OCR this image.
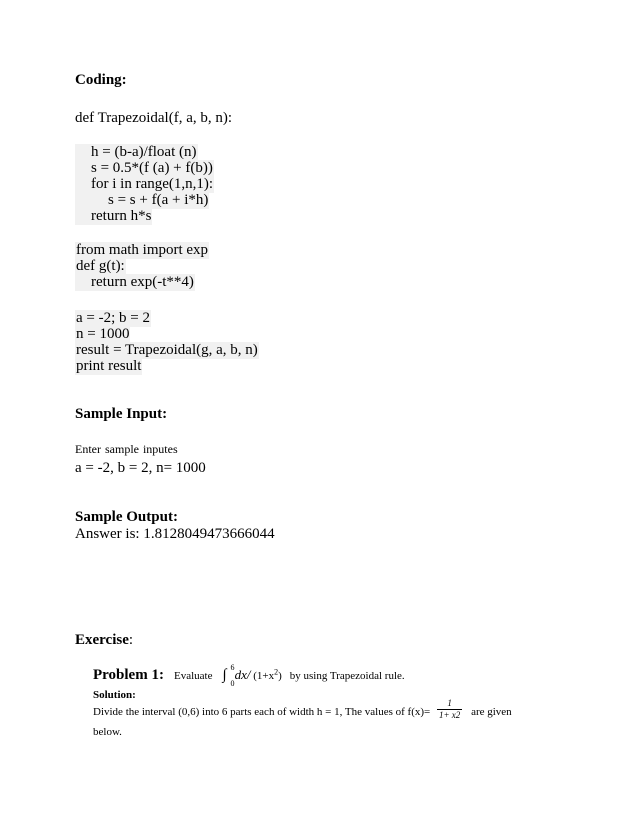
Coding:
def Trapezoidal(f, a, b, n):
h = (b-a)/float (n)
s = 0.5*(f (a) + f(b))
for i in range(1,n,1):
s = s + f(a + i*h)
return h*s
from math import exp
def g(t):
return exp(-t**4)
a = -2; b = 2
n = 1000
result = Trapezoidal(g, a, b, n)
print result
Sample Input:
Enter sample inputes
a = -2, b = 2, n= 1000
Sample Output:
Answer is: 1.8128049473666044
Exercise:
Problem 1: Evaluate ∫ 6
0
dx/ $(1+x^2)$ by using Trapezoidal rule.
Solution:
Divide the interval (0,6) into 6 parts each of width h = 1, The values of $f(x)= \frac{1}{1+ x2}$ are given
below.
